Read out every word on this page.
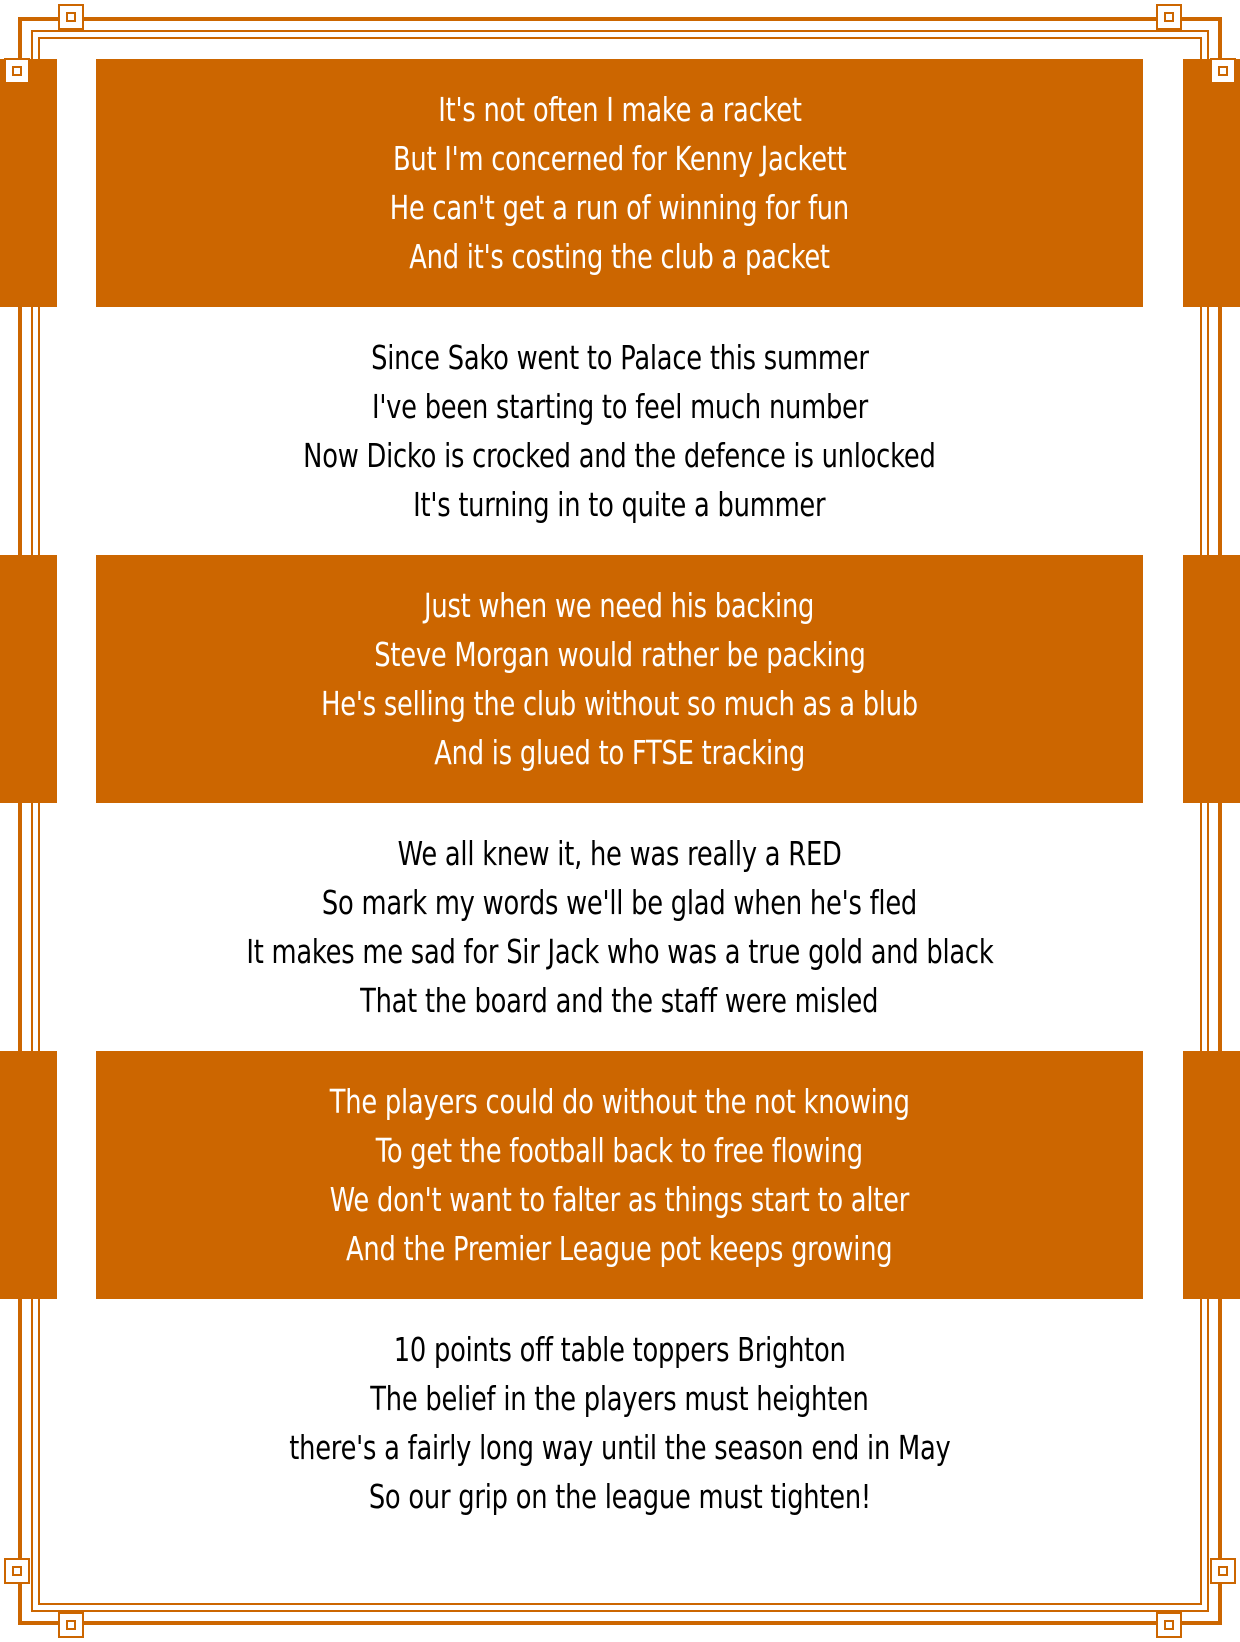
It's not often I make a racket
But I'm concerned for Kenny Jackett
He can't get a run of winning for fun
And it's costing the club a packet
Since Sako went to Palace this summer
I've been starting to feel much number
Now Dicko is crocked and the defence is unlocked
It's turning in to quite a bummer
Just when we need his backing
Steve Morgan would rather be packing
He's selling the club without so much as a blub
And is glued to FTSE tracking
We all knew it, he was really a RED
So mark my words we'll be glad when he's fled
It makes me sad for Sir Jack who was a true gold and black
That the board and the staff were misled
The players could do without the not knowing
To get the football back to free flowing
We don't want to falter as things start to alter
And the Premier League pot keeps growing
10 points off table toppers Brighton
The belief in the players must heighten
there's a fairly long way until the season end in May
So our grip on the league must tighten!
